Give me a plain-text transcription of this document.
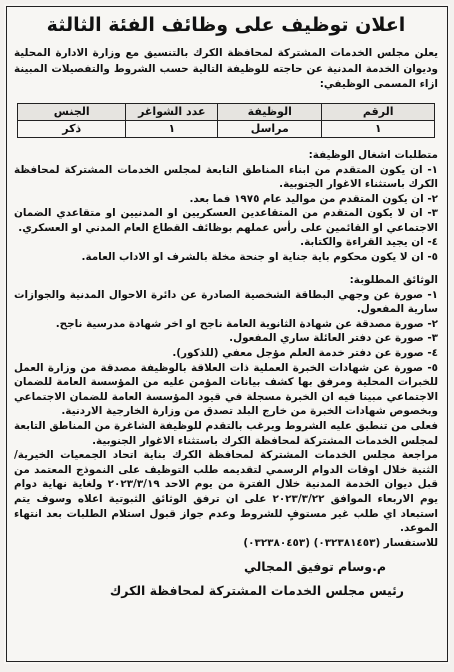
اعلان توظيف على وظائف الفئة الثالثة
يعلن مجلس الخدمات المشتركة لمحافظة الكرك بالتنسيق مع وزارة الادارة المحلية وديوان الخدمة المدنية عن حاجته للوظيفة التالية حسب الشروط والتفصيلات المبينة ازاء المسمى الوظيفي:
الرقم	الوظيفة	عدد الشواغر	الجنس
١	مراسل	١	ذكر
متطلبات اشغال الوظيفة:
١- ان يكون المتقدم من ابناء المناطق التابعة لمجلس الخدمات المشتركة لمحافظة الكرك باستثناء الاغوار الجنوبية.
٢- ان يكون المتقدم من مواليد عام ١٩٧٥ فما بعد.
٣- ان لا يكون المتقدم من المتقاعدين العسكريين او المدنيين او متقاعدي الضمان الاجتماعي او القائمين على رأس عملهم بوظائف القطاع العام المدني او العسكري.
٤- ان يجيد القراءة والكتابة.
٥- ان لا يكون محكوم باية جناية او جنحة مخلة بالشرف او الاداب العامة.
الوثائق المطلوبة:
١- صورة عن وجهي البطاقة الشخصية الصادرة عن دائرة الاحوال المدنية والجوازات سارية المفعول.
٢- صورة مصدقة عن شهادة الثانوية العامة ناجح او اخر شهادة مدرسية ناجح.
٣- صورة عن دفتر العائلة ساري المفعول.
٤- صورة عن دفتر خدمة العلم مؤجل معفي (للذكور).
٥- صورة عن شهادات الخبرة العملية ذات العلاقة بالوظيفة مصدقة من وزارة العمل للخبرات المحلية ومرفق بها كشف بيانات المؤمن عليه من المؤسسة العامة للضمان الاجتماعي مبينا فيه ان الخبرة مسجلة في قيود المؤسسة العامة للضمان الاجتماعي وبخصوص شهادات الخبرة من خارج البلد تصدق من وزارة الخارجية الاردنية.
فعلى من تنطبق عليه الشروط ويرغب بالتقدم للوظيفة الشاغرة من المناطق التابعة لمجلس الخدمات المشتركة لمحافظة الكرك باستثناء الاغوار الجنوبية.
مراجعة مجلس الخدمات المشتركة لمحافظة الكرك بناية اتحاد الجمعيات الخيرية/ الثنية خلال اوقات الدوام الرسمي لتقديمه طلب التوظيف على النموذج المعتمد من قبل ديوان الخدمة المدنية خلال الفترة من يوم الاحد ٢٠٢٣/٣/١٩ ولغاية نهاية دوام يوم الاربعاء الموافق ٢٠٢٣/٣/٢٢ على ان ترفق الوثائق الثبوتية اعلاه وسوف يتم استبعاد اي طلب غير مستوفٍ للشروط وعدم جواز قبول استلام الطلبات بعد انتهاء الموعد.
للاستفسار (٠٣٢٣٨١٤٥٣) (٠٣٢٣٨٠٤٥٣)
م.وسام توفيق المجالي
رئيس مجلس الخدمات المشتركة لمحافظة الكرك
